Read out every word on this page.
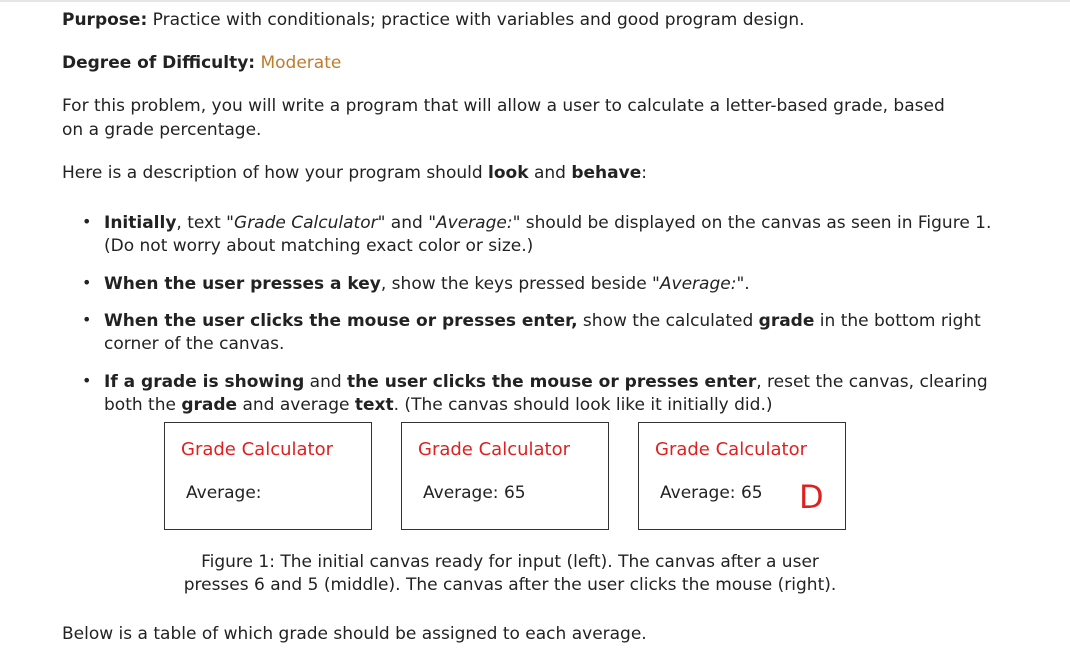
Purpose: Practice with conditionals; practice with variables and good program design.
Degree of Difficulty: Moderate
For this problem, you will write a program that will allow a user to calculate a letter-based grade, based
on a grade percentage.
Here is a description of how your program should look and behave:
• Initially, text "Grade Calculator" and "Average:" should be displayed on the canvas as seen in Figure 1.
(Do not worry about matching exact color or size.)
• When the user presses a key, show the keys pressed beside "Average:".
• When the user clicks the mouse or presses enter, show the calculated grade in the bottom right
corner of the canvas.
• If a grade is showing and the user clicks the mouse or presses enter, reset the canvas, clearing
both the grade and average text. (The canvas should look like it initially did.)
Grade Calculator
Average:
Grade Calculator
Average: 65
Grade Calculator
Average: 65 D
Figure 1: The initial canvas ready for input (left). The canvas after a user
presses 6 and 5 (middle). The canvas after the user clicks the mouse (right).
Below is a table of which grade should be assigned to each average.
